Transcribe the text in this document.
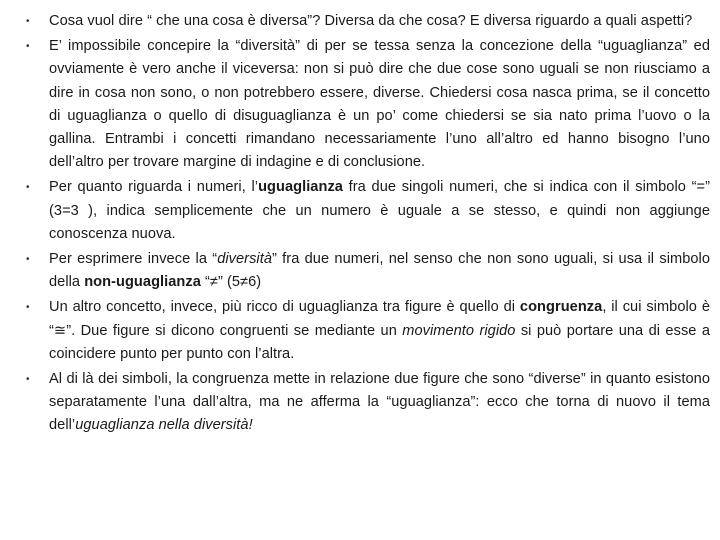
• Cosa vuol dire “ che una cosa è diversa”? Diversa da che cosa? E diversa riguardo a quali aspetti?
• E’ impossibile concepire la “diversità” di per se tessa senza la concezione della “uguaglianza” ed ovviamente è vero anche il viceversa: non si può dire che due cose sono uguali se non riusciamo a dire in cosa non sono, o non potrebbero essere, diverse. Chiedersi cosa nasca prima, se il concetto di uguaglianza o quello di disuguaglianza è un po’ come chiedersi se sia nato prima l’uovo o la gallina. Entrambi i concetti rimandano necessariamente l’uno all’altro ed hanno bisogno l’uno dell’altro per trovare margine di indagine e di conclusione.
• Per quanto riguarda i numeri, l’uguaglianza fra due singoli numeri, che si indica con il simbolo “=” (3=3 ), indica semplicemente che un numero è uguale a se stesso, e quindi non aggiunge conoscenza nuova.
• Per esprimere invece la “diversità” fra due numeri, nel senso che non sono uguali, si usa il simbolo della non-uguaglianza “≠” (5≠6)
• Un altro concetto, invece, più ricco di uguaglianza tra figure è quello di congruenza, il cui simbolo è “≅”. Due figure si dicono congruenti se mediante un movimento rigido si può portare una di esse a coincidere punto per punto con l’altra.
• Al di là dei simboli, la congruenza mette in relazione due figure che sono “diverse” in quanto esistono separatamente l’una dall’altra, ma ne afferma la “uguaglianza”: ecco che torna di nuovo il tema dell’uguaglianza nella diversità!
